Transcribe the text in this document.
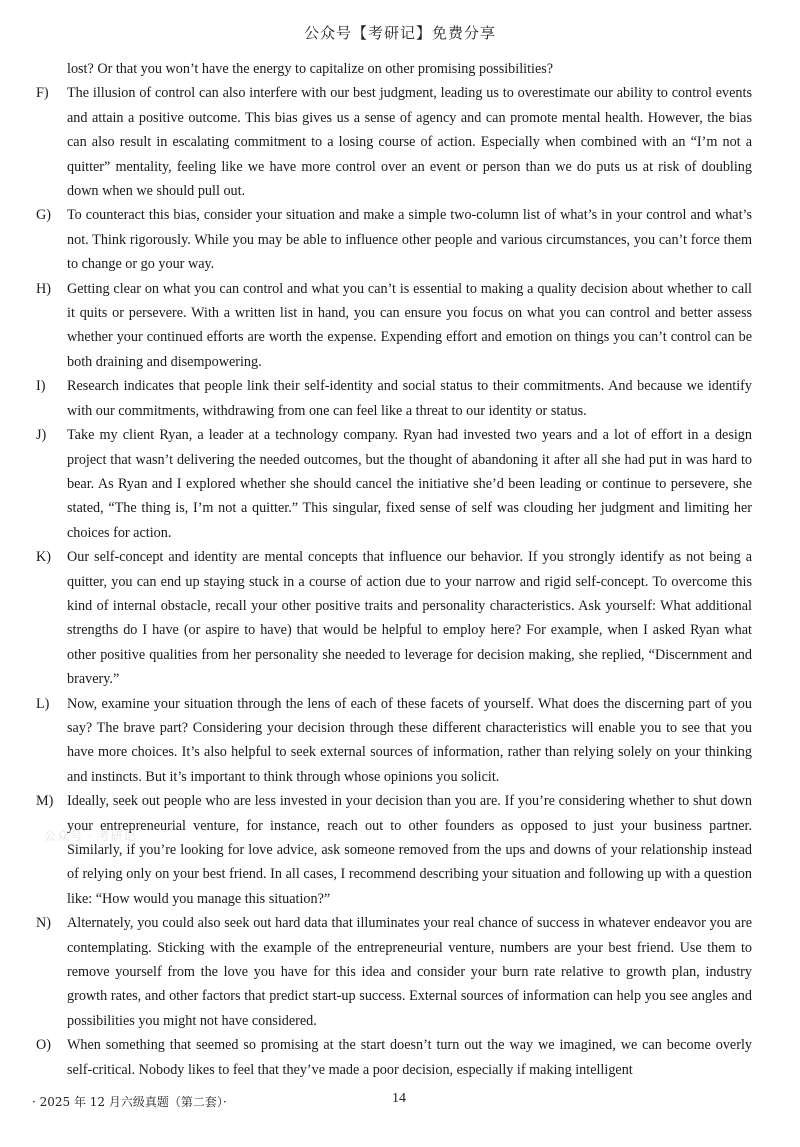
公众号【考研记】免费分享

lost? Or that you won’t have the energy to capitalize on other promising possibilities?

F)	The illusion of control can also interfere with our best judgment, leading us to overestimate our ability to control events and attain a positive outcome. This bias gives us a sense of agency and can promote mental health. However, the bias can also result in escalating commitment to a losing course of action. Especially when combined with an “I’m not a quitter” mentality, feeling like we have more control over an event or person than we do puts us at risk of doubling down when we should pull out.

G)	To counteract this bias, consider your situation and make a simple two-column list of what’s in your control and what’s not. Think rigorously. While you may be able to influence other people and various circumstances, you can’t force them to change or go your way.

H)	Getting clear on what you can control and what you can’t is essential to making a quality decision about whether to call it quits or persevere. With a written list in hand, you can ensure you focus on what you can control and better assess whether your continued efforts are worth the expense. Expending effort and emotion on things you can’t control can be both draining and disempowering.

I)	Research indicates that people link their self-identity and social status to their commitments. And because we identify with our commitments, withdrawing from one can feel like a threat to our identity or status.

J)	Take my client Ryan, a leader at a technology company. Ryan had invested two years and a lot of effort in a design project that wasn’t delivering the needed outcomes, but the thought of abandoning it after all she had put in was hard to bear. As Ryan and I explored whether she should cancel the initiative she’d been leading or continue to persevere, she stated, “The thing is, I’m not a quitter.” This singular, fixed sense of self was clouding her judgment and limiting her choices for action.

K)	Our self-concept and identity are mental concepts that influence our behavior. If you strongly identify as not being a quitter, you can end up staying stuck in a course of action due to your narrow and rigid self-concept. To overcome this kind of internal obstacle, recall your other positive traits and personality characteristics. Ask yourself: What additional strengths do I have (or aspire to have) that would be helpful to employ here? For example, when I asked Ryan what other positive qualities from her personality she needed to leverage for decision making, she replied, “Discernment and bravery.”

L)	Now, examine your situation through the lens of each of these facets of yourself. What does the discerning part of you say? The brave part? Considering your decision through these different characteristics will enable you to see that you have more choices. It’s also helpful to seek external sources of information, rather than relying solely on your thinking and instincts. But it’s important to think through whose opinions you solicit.

M) Ideally, seek out people who are less invested in your decision than you are. If you’re considering whether to shut down your entrepreneurial venture, for instance, reach out to other founders as opposed to just your business partner. Similarly, if you’re looking for love advice, ask someone removed from the ups and downs of your relationship instead of relying only on your best friend. In all cases, I recommend describing your situation and following up with a question like: “How would you manage this situation?”

N)	Alternately, you could also seek out hard data that illuminates your real chance of success in whatever endeavor you are contemplating. Sticking with the example of the entrepreneurial venture, numbers are your best friend. Use them to remove yourself from the love you have for this idea and consider your burn rate relative to growth plan, industry growth rates, and other factors that predict start-up success. External sources of information can help you see angles and possibilities you might not have considered.

O)	When something that seemed so promising at the start doesn’t turn out the way we imagined, we can become overly self-critical. Nobody likes to feel that they’ve made a poor decision, especially if making intelligent

公众号 · 考研记
· 2025 年 12 月六级真题（第二套）·	14
